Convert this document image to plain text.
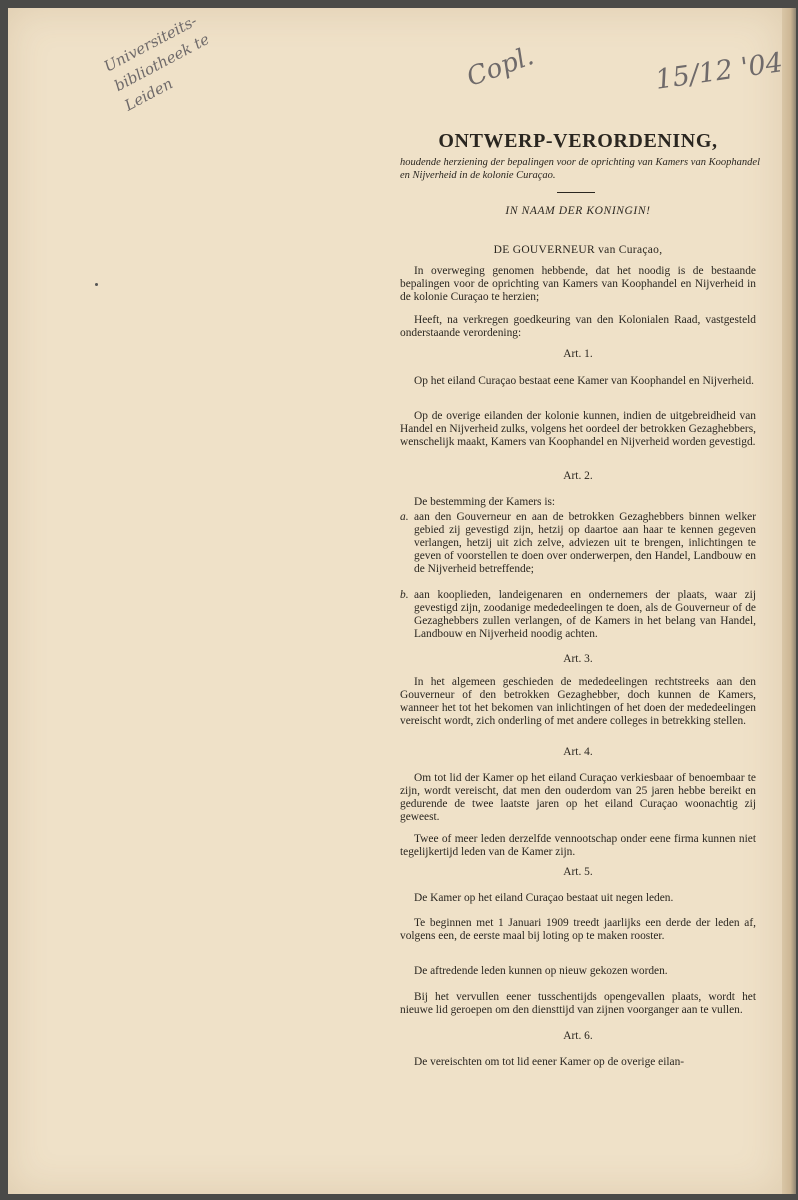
Universiteits-bibliotheek te Leiden
Copl.	15/12 '04
ONTWERP-VERORDENING,
houdende herziening der bepalingen voor de oprichting van Kamers van Koophandel en Nijverheid in de kolonie Curaçao.
IN NAAM DER KONINGIN!
DE GOUVERNEUR van Curaçao,
In overweging genomen hebbende, dat het noodig is de bestaande bepalingen voor de oprichting van Kamers van Koophandel en Nijverheid in de kolonie Curaçao te herzien;
Heeft, na verkregen goedkeuring van den Kolonialen Raad, vastgesteld onderstaande verordening:
Art. 1.
Op het eiland Curaçao bestaat eene Kamer van Koophandel en Nijverheid.
Op de overige eilanden der kolonie kunnen, indien de uitgebreidheid van Handel en Nijverheid zulks, volgens het oordeel der betrokken Gezaghebbers, wenschelijk maakt, Kamers van Koophandel en Nijverheid worden gevestigd.
Art. 2.
De bestemming der Kamers is:
a. aan den Gouverneur en aan de betrokken Gezaghebbers binnen welker gebied zij gevestigd zijn, hetzij op daartoe aan haar te kennen gegeven verlangen, hetzij uit zich zelve, adviezen uit te brengen, inlichtingen te geven of voorstellen te doen over onderwerpen, den Handel, Landbouw en de Nijverheid betreffende;
b. aan kooplieden, landeigenaren en ondernemers der plaats, waar zij gevestigd zijn, zoodanige mededeelingen te doen, als de Gouverneur of de Gezaghebbers zullen verlangen, of de Kamers in het belang van Handel, Landbouw en Nijverheid noodig achten.
Art. 3.
In het algemeen geschieden de mededeelingen rechtstreeks aan den Gouverneur of den betrokken Gezaghebber, doch kunnen de Kamers, wanneer het tot het bekomen van inlichtingen of het doen der mededeelingen vereischt wordt, zich onderling of met andere colleges in betrekking stellen.
Art. 4.
Om tot lid der Kamer op het eiland Curaçao verkiesbaar of benoembaar te zijn, wordt vereischt, dat men den ouderdom van 25 jaren hebbe bereikt en gedurende de twee laatste jaren op het eiland Curaçao woonachtig zij geweest.
Twee of meer leden derzelfde vennootschap onder eene firma kunnen niet tegelijkertijd leden van de Kamer zijn.
Art. 5.
De Kamer op het eiland Curaçao bestaat uit negen leden.
Te beginnen met 1 Januari 1909 treedt jaarlijks een derde der leden af, volgens een, de eerste maal bij loting op te maken rooster.
De aftredende leden kunnen op nieuw gekozen worden.
Bij het vervullen eener tusschentijds opengevallen plaats, wordt het nieuwe lid geroepen om den diensttijd van zijnen voorganger aan te vullen.
Art. 6.
De vereischten om tot lid eener Kamer op de overige eilan-
